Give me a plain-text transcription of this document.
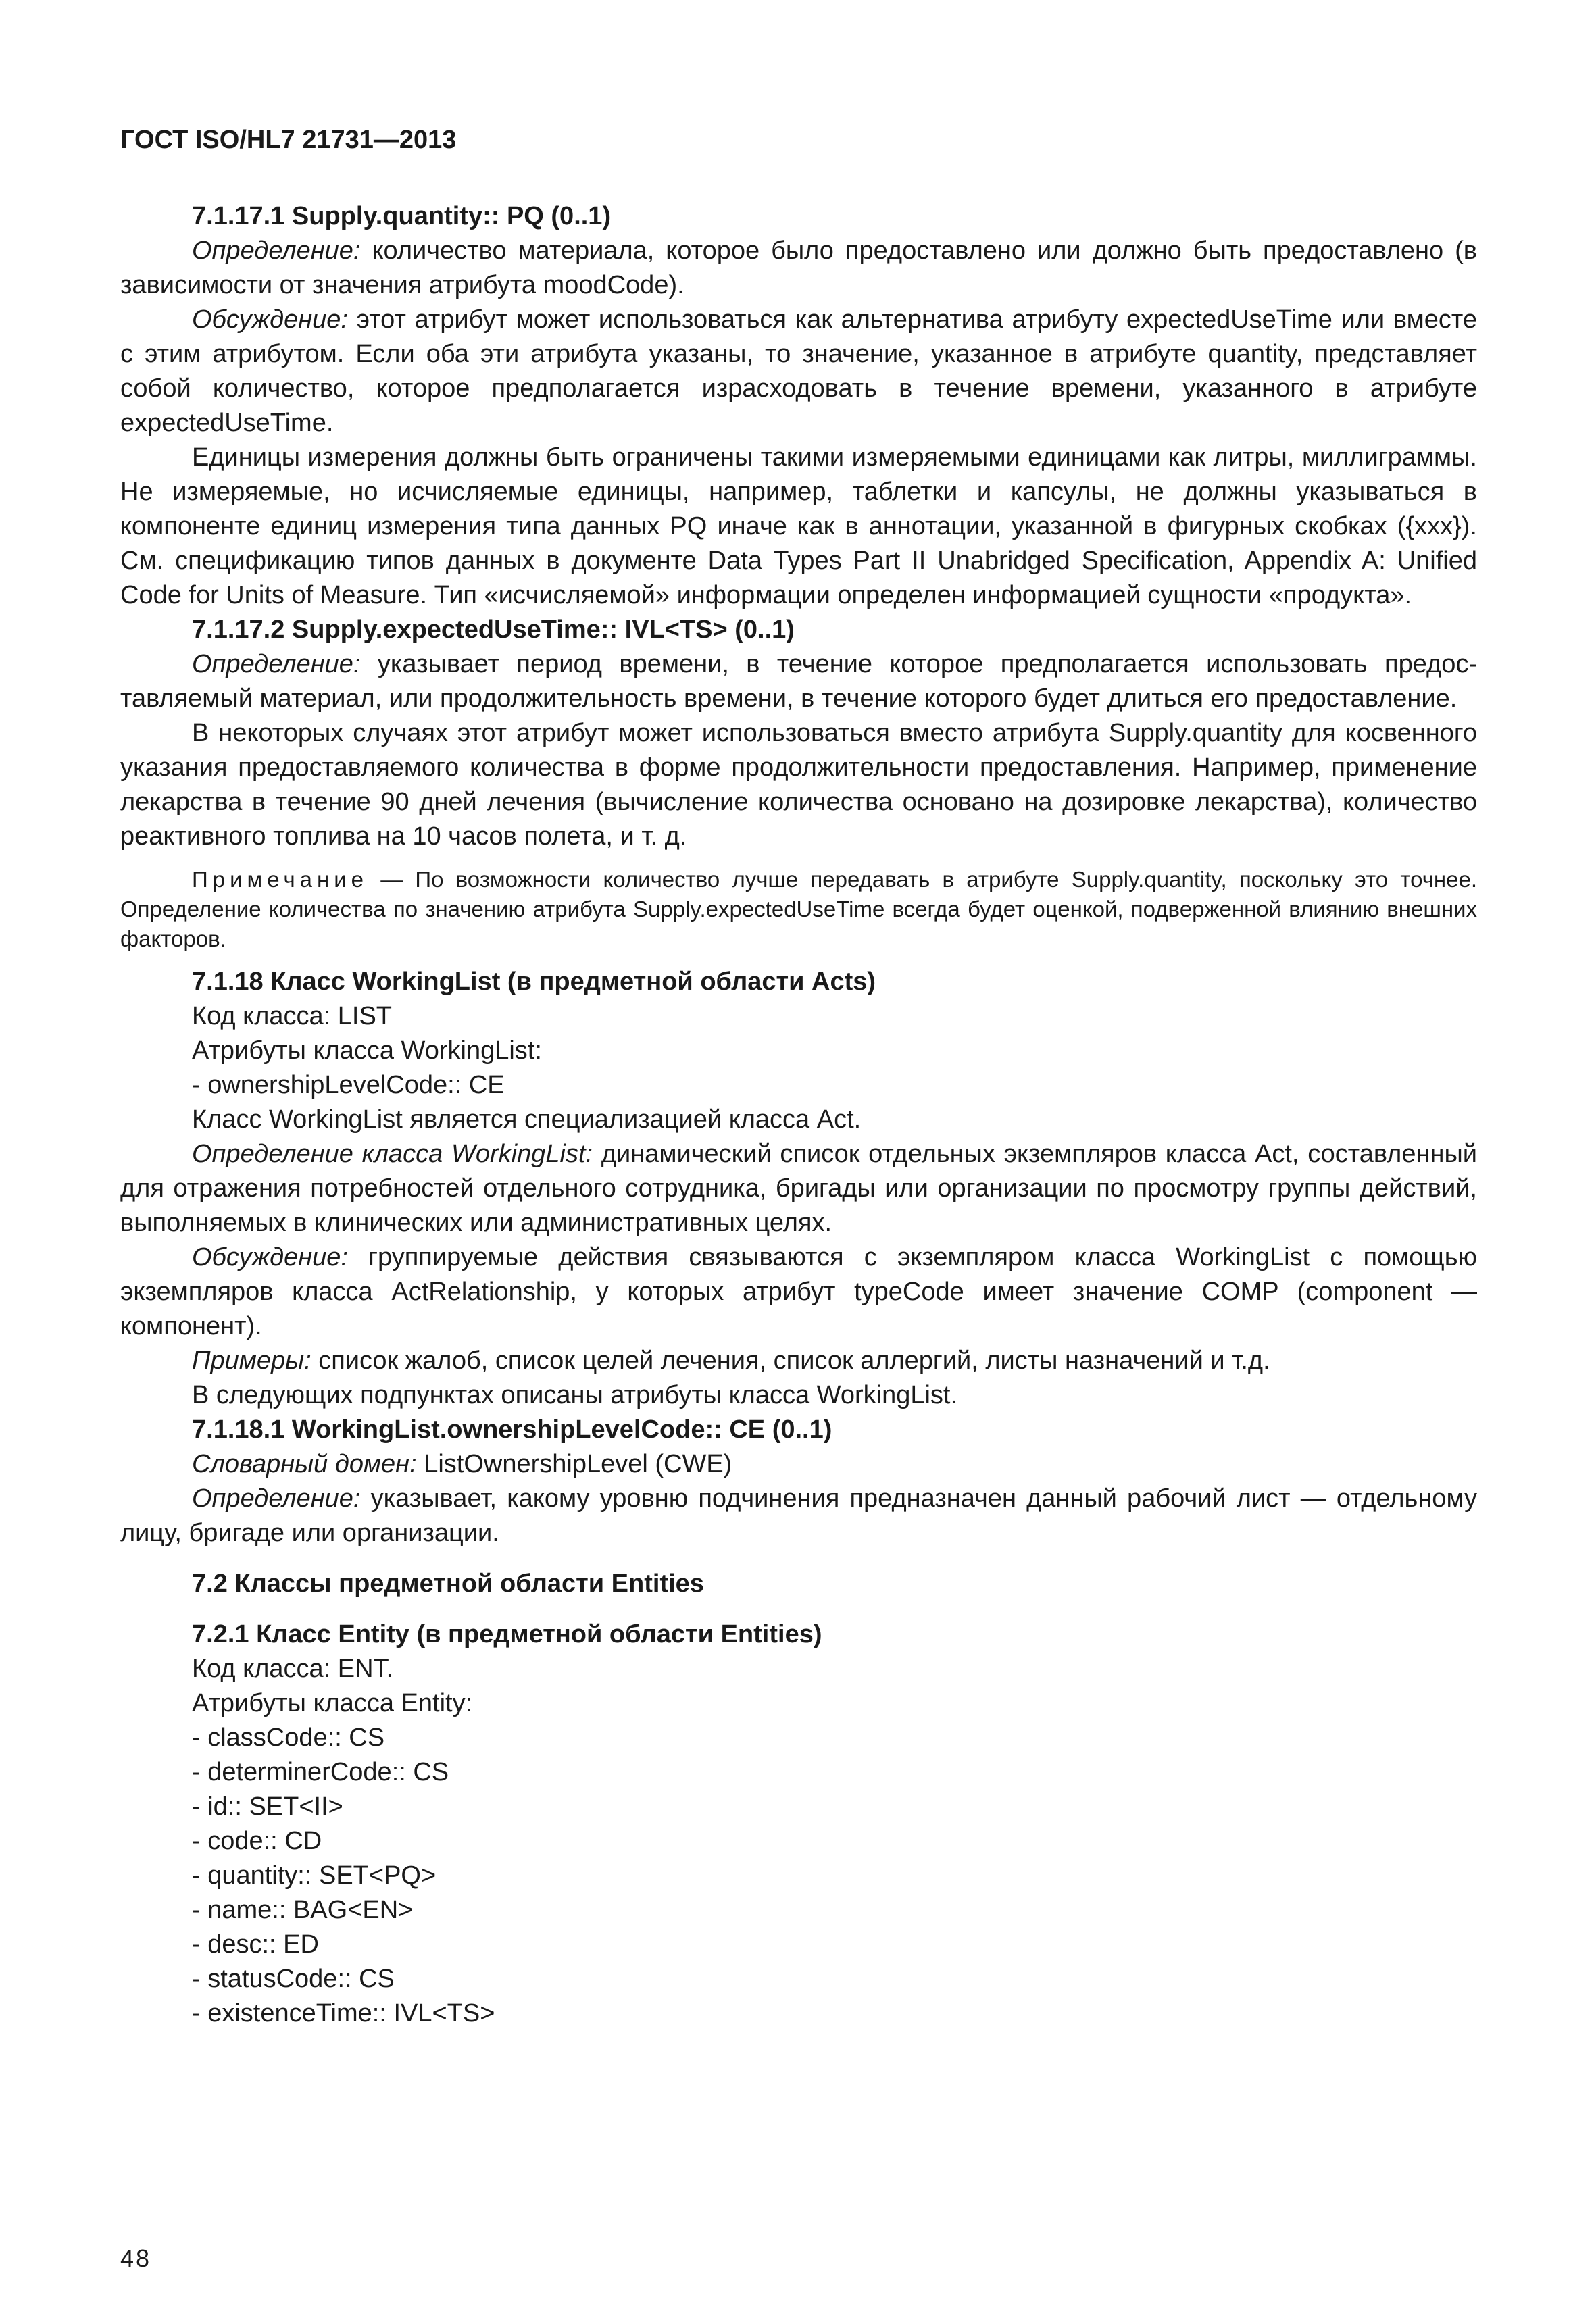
ГОСТ ISO/HL7 21731—2013

7.1.17.1 Supply.quantity:: PQ (0..1)

Определение: количество материала, которое было предоставлено или должно быть предоставлено (в зависимости от значения атрибута moodCode).

Обсуждение: этот атрибут может использоваться как альтернатива атрибуту expectedUseTime или вместе с этим атрибутом. Если оба эти атрибута указаны, то значение, указанное в атрибуте quantity, представляет собой количество, которое предполагается израсходовать в течение времени, указанного в атрибуте expectedUseTime.

Единицы измерения должны быть ограничены такими измеряемыми единицами как литры, миллиграммы. Не измеряемые, но исчисляемые единицы, например, таблетки и капсулы, не должны указываться в компоненте единиц измерения типа данных PQ иначе как в аннотации, указанной в фигурных скобках ({xxx}). См. спецификацию типов данных в документе Data Types Part II Unabridged Specification, Appendix A: Unified Code for Units of Measure. Тип «исчисляемой» информации определен информацией сущности «продукта».

7.1.17.2 Supply.expectedUseTime:: IVL<TS> (0..1)

Определение: указывает период времени, в течение которое предполагается использовать предоставляемый материал, или продолжительность времени, в течение которого будет длиться его предоставление.

В некоторых случаях этот атрибут может использоваться вместо атрибута Supply.quantity для косвенного указания предоставляемого количества в форме продолжительности предоставления. Например, применение лекарства в течение 90 дней лечения (вычисление количества основано на дозировке лекарства), количество реактивного топлива на 10 часов полета, и т. д.

Примечание — По возможности количество лучше передавать в атрибуте Supply.quantity, поскольку это точнее. Определение количества по значению атрибута Supply.expectedUseTime всегда будет оценкой, подверженной влиянию внешних факторов.

7.1.18 Класс WorkingList (в предметной области Acts)

Код класса: LIST

Атрибуты класса WorkingList:

- ownershipLevelCode:: CE

Класс WorkingList является специализацией класса Act.

Определение класса WorkingList: динамический список отдельных экземпляров класса Act, составленный для отражения потребностей отдельного сотрудника, бригады или организации по просмотру группы действий, выполняемых в клинических или административных целях.

Обсуждение: группируемые действия связываются с экземпляром класса WorkingList с помощью экземпляров класса ActRelationship, у которых атрибут typeCode имеет значение COMP (component — компонент).

Примеры: список жалоб, список целей лечения, список аллергий, листы назначений и т.д.

В следующих подпунктах описаны атрибуты класса WorkingList.

7.1.18.1 WorkingList.ownershipLevelCode:: CE (0..1)

Словарный домен: ListOwnershipLevel (CWE)

Определение: указывает, какому уровню подчинения предназначен данный рабочий лист — отдельному лицу, бригаде или организации.

7.2 Классы предметной области Entities

7.2.1 Класс Entity (в предметной области Entities)

Код класса: ENT.

Атрибуты класса Entity:

- classCode:: CS

- determinerCode:: CS

- id:: SET<II>

- code:: CD

- quantity:: SET<PQ>

- name:: BAG<EN>

- desc:: ED

- statusCode:: CS

- existenceTime:: IVL<TS>

48
